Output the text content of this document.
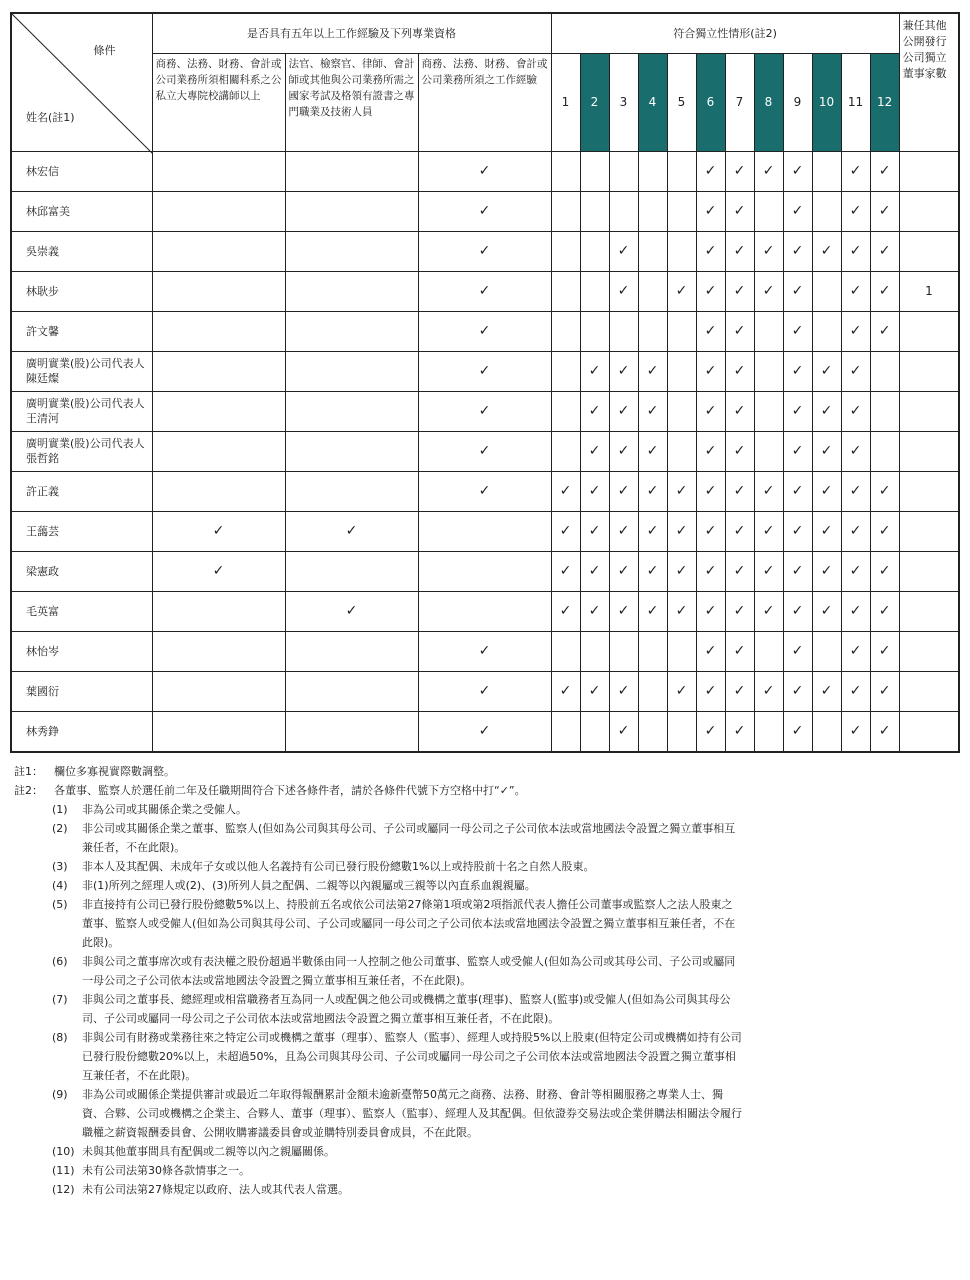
條件
姓名(註1)	是否具有五年以上工作經驗及下列專業資格			符合獨立性情形(註2)												兼任其他公開發行公司獨立董事家數
	商務、法務、財務、會計或公司業務所須相關科系之公私立大專院校講師以上	法官、檢察官、律師、會計師或其他與公司業務所需之國家考試及格領有證書之專門職業及技術人員	商務、法務、財務、會計或公司業務所須之工作經驗	1	2	3	4	5	6	7	8	9	10	11	12	
林宏信			✓						✓	✓	✓	✓		✓	✓	
林邱富美			✓						✓	✓		✓		✓	✓	
吳崇義			✓			✓			✓	✓	✓	✓	✓	✓	✓	
林耿步			✓			✓		✓	✓	✓	✓	✓		✓	✓	1
許文馨			✓						✓	✓		✓		✓	✓	
廣明實業(股)公司代表人陳廷燦			✓		✓	✓	✓		✓	✓		✓	✓	✓		
廣明實業(股)公司代表人王清河			✓		✓	✓	✓		✓	✓		✓	✓	✓		
廣明實業(股)公司代表人張哲銘			✓		✓	✓	✓		✓	✓		✓	✓	✓		
許正義			✓	✓	✓	✓	✓	✓	✓	✓	✓	✓	✓	✓	✓	
王藹芸	✓	✓		✓	✓	✓	✓	✓	✓	✓	✓	✓	✓	✓	✓	
梁憲政	✓			✓	✓	✓	✓	✓	✓	✓	✓	✓	✓	✓	✓	
毛英富		✓		✓	✓	✓	✓	✓	✓	✓	✓	✓	✓	✓	✓	
林怡岑			✓						✓	✓		✓		✓	✓	
葉國衍			✓	✓	✓	✓		✓	✓	✓	✓	✓	✓	✓	✓	
林秀錚			✓			✓			✓	✓		✓		✓	✓	
註1：	欄位多寡視實際數調整。
註2：	各董事、監察人於選任前二年及任職期間符合下述各條件者，請於各條件代號下方空格中打“✓”。
(1)	非為公司或其關係企業之受僱人。
(2)	非公司或其關係企業之董事、監察人(但如為公司與其母公司、子公司或屬同一母公司之子公司依本法或當地國法令設置之獨立董事相互兼任者，不在此限)。
(3)	非本人及其配偶、未成年子女或以他人名義持有公司已發行股份總數1%以上或持股前十名之自然人股東。
(4)	非(1)所列之經理人或(2)、(3)所列人員之配偶、二親等以內親屬或三親等以內直系血親親屬。
(5)	非直接持有公司已發行股份總數5%以上、持股前五名或依公司法第27條第1項或第2項指派代表人擔任公司董事或監察人之法人股東之董事、監察人或受僱人(但如為公司與其母公司、子公司或屬同一母公司之子公司依本法或當地國法令設置之獨立董事相互兼任者，不在此限)。
(6)	非與公司之董事席次或有表決權之股份超過半數係由同一人控制之他公司董事、監察人或受僱人(但如為公司或其母公司、子公司或屬同一母公司之子公司依本法或當地國法令設置之獨立董事相互兼任者，不在此限)。
(7)	非與公司之董事長、總經理或相當職務者互為同一人或配偶之他公司或機構之董事(理事)、監察人(監事)或受僱人(但如為公司與其母公司、子公司或屬同一母公司之子公司依本法或當地國法令設置之獨立董事相互兼任者，不在此限)。
(8)	非與公司有財務或業務往來之特定公司或機構之董事（理事）、監察人（監事）、經理人或持股5%以上股東(但特定公司或機構如持有公司已發行股份總數20%以上，未超過50%，且為公司與其母公司、子公司或屬同一母公司之子公司依本法或當地國法令設置之獨立董事相互兼任者，不在此限)。
(9)	非為公司或關係企業提供審計或最近二年取得報酬累計金額未逾新臺幣50萬元之商務、法務、財務、會計等相關服務之專業人士、獨資、合夥、公司或機構之企業主、合夥人、董事（理事）、監察人（監事）、經理人及其配偶。但依證券交易法或企業併購法相關法令履行職權之薪資報酬委員會、公開收購審議委員會或並購特別委員會成員，不在此限。
(10) 未與其他董事間具有配偶或二親等以內之親屬關係。
(11) 未有公司法第30條各款情事之一。
(12) 未有公司法第27條規定以政府、法人或其代表人當選。
